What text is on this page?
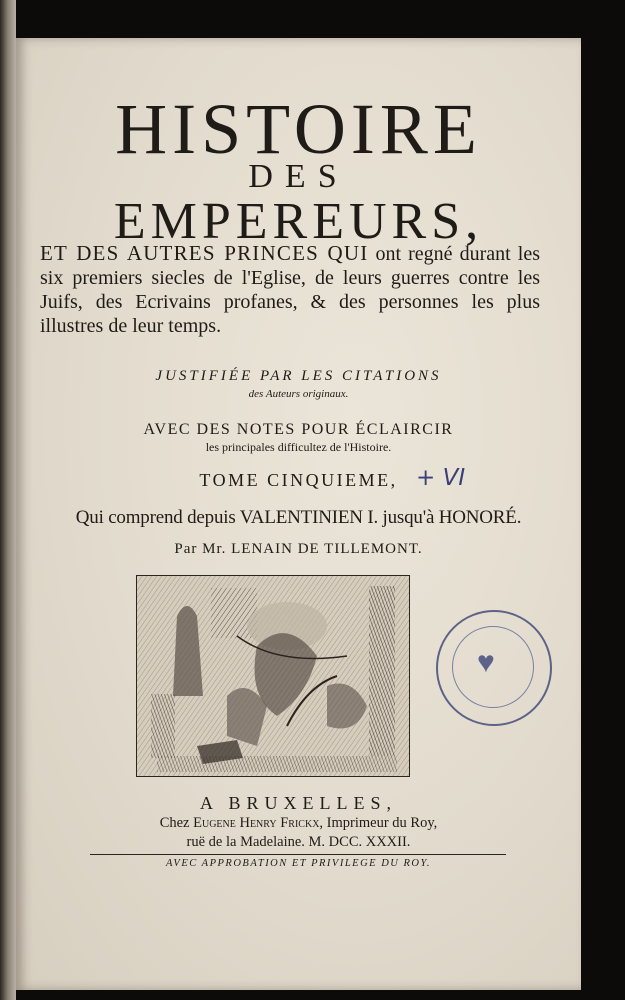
HISTOIRE
DES
EMPEREURS,
ET DES AUTRES PRINCES QUI ont regné durant les six premiers siecles de l'Eglise, de leurs guerres contre les Juifs, des Ecrivains profanes, & des personnes les plus illustres de leur temps.
JUSTIFIÉE PAR LES CITATIONS
des Auteurs originaux.
AVEC DES NOTES POUR ÉCLAIRCIR
les principales difficultez de l'Histoire.
TOME CINQUIEME, + VI
Qui comprend depuis VALENTINIEN I. jusqu'à HONORÉ.
Par Mr. LENAIN DE TILLEMONT.
♥
A BRUXELLES,
Chez Eugene Henry Frickx, Imprimeur du Roy,
ruë de la Madelaine. M. DCC. XXXII.
AVEC APPROBATION ET PRIVILEGE DU ROY.
